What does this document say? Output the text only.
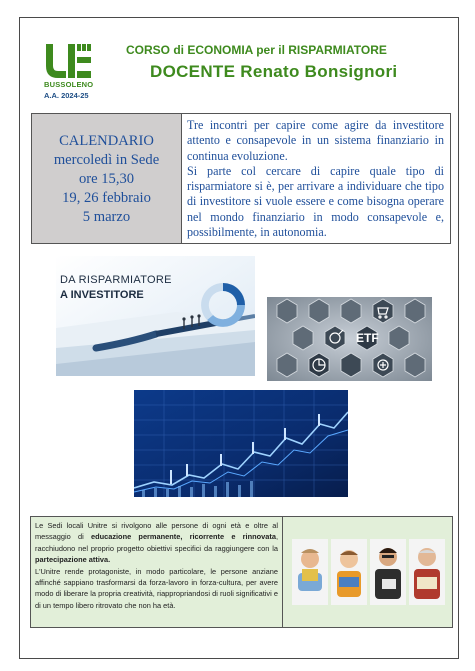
BUSSOLENO
A.A. 2024-25
CORSO di ECONOMIA per il RISPARMIATORE
DOCENTE Renato Bonsignori
CALENDARIO
mercoledì in Sede
ore 15,30
19, 26 febbraio
5 marzo

Tre incontri per capire come agire da investitore attento e consapevole in un sistema finanziario in continua evoluzione.

Si parte col cercare di capire quale tipo di risparmiatore si è, per arrivare a individuare che tipo di investitore si vuole essere e come bisogna operare nel mondo finanziario in modo consapevole e, possibilmente, in autonomia.

DA RISPARMIATORE
A INVESTITORE
ETF
Le Sedi locali Unitre si rivolgono alle persone di ogni età e oltre al messaggio di educazione permanente, ricorrente e rinnovata, racchiudono nel proprio progetto obiettivi specifici da raggiungere con la partecipazione attiva.
L'Unitre rende protagoniste, in modo particolare, le persone anziane affinché sappiano trasformarsi da forza-lavoro in forza-cultura, per avere modo di liberare la propria creatività, riappropriandosi di ruoli significativi e di un tempo libero ritrovato che non ha età.
